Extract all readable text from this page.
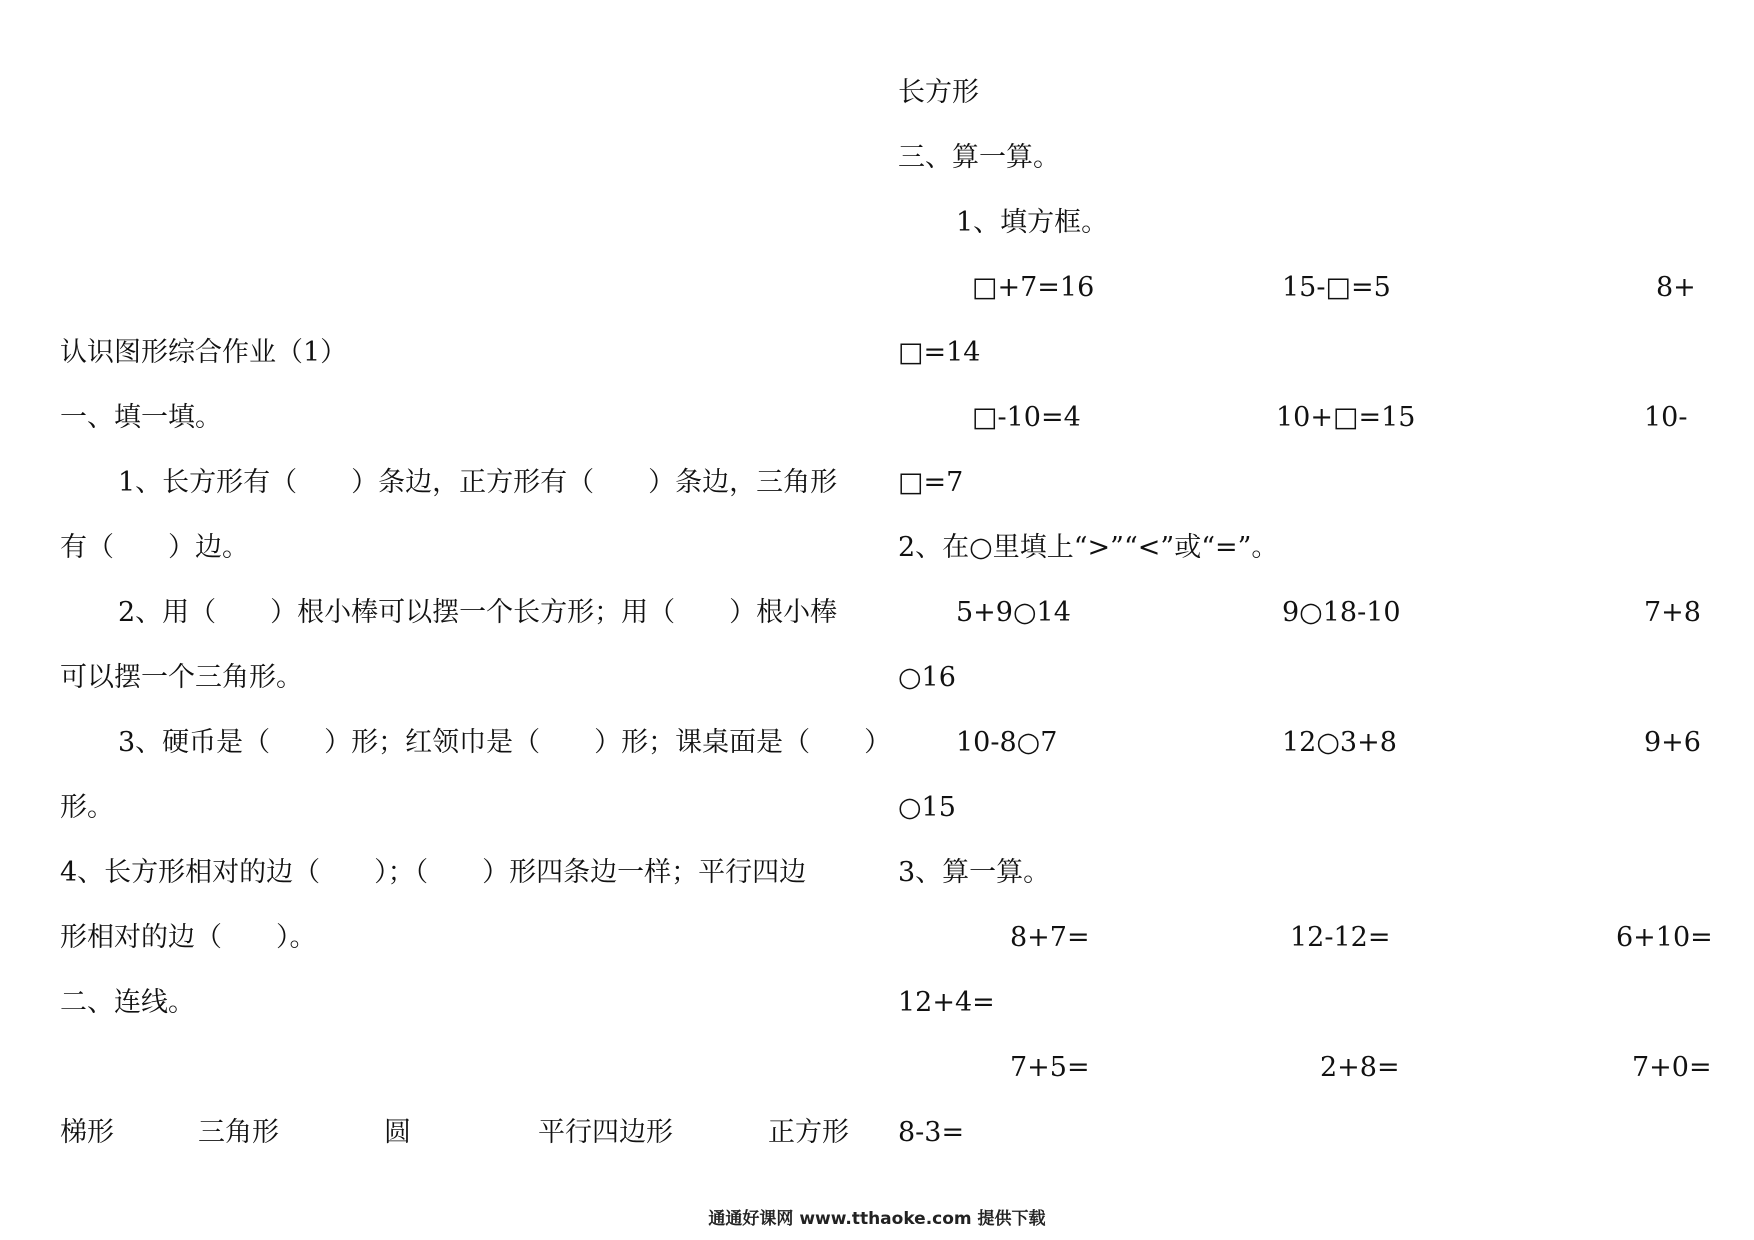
认识图形综合作业（1）
一、填一填。
1、长方形有（　　）条边，正方形有（　　）条边，三角形
有（　　）边。
2、用（　　）根小棒可以摆一个长方形；用（　　）根小棒
可以摆一个三角形。
3、硬币是（　　）形；红领巾是（　　）形；课桌面是（　　）
形。
4、长方形相对的边（　　）；（　　）形四条边一样；平行四边
形相对的边（　　）。
二、连线。
梯形	三角形	圆	平行四边形	正方形
长方形
三、算一算。
1、填方框。
□+7=16	15-□=5	8+
□=14
□-10=4	10+□=15	10-
□=7
2、在○里填上“>”“<”或“=”。
5+9○14	9○18-10	7+8
○16
10-8○7	12○3+8	9+6
○15
3、算一算。
8+7=	12-12=	6+10=
12+4=
7+5=	2+8=	7+0=
8-3=
通通好课网 www.tthaoke.com 提供下载
